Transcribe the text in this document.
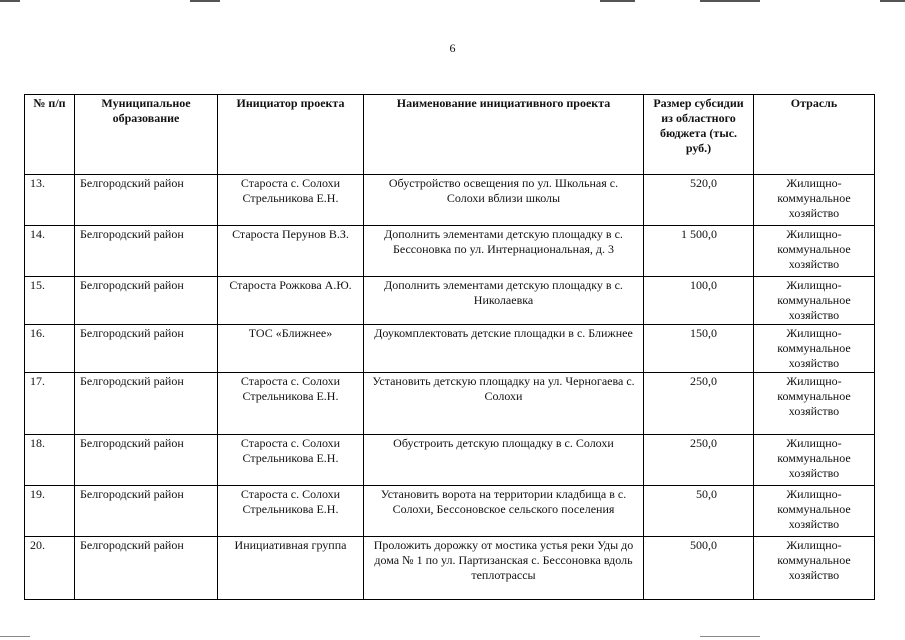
6
№ п/п	Муниципальное образование	Инициатор проекта	Наименование инициативного проекта	Размер субсидии из областного бюджета (тыс. руб.)	Отрасль
13.	Белгородский район	Староста с. Солохи Стрельникова Е.Н.	Обустройство освещения по ул. Школьная с. Солохи вблизи школы	520,0	Жилищно-коммунальное хозяйство
14.	Белгородский район	Староста Перунов В.З.	Дополнить элементами детскую площадку в с. Бессоновка по ул. Интернациональная, д. 3	1 500,0	Жилищно-коммунальное хозяйство
15.	Белгородский район	Староста Рожкова А.Ю.	Дополнить элементами детскую площадку в с. Николаевка	100,0	Жилищно-коммунальное хозяйство
16.	Белгородский район	ТОС «Ближнее»	Доукомплектовать детские площадки в с. Ближнее	150,0	Жилищно-коммунальное хозяйство
17.	Белгородский район	Староста с. Солохи Стрельникова Е.Н.	Установить детскую площадку на ул. Черногаева с. Солохи	250,0	Жилищно-коммунальное хозяйство
18.	Белгородский район	Староста с. Солохи Стрельникова Е.Н.	Обустроить детскую площадку в с. Солохи	250,0	Жилищно-коммунальное хозяйство
19.	Белгородский район	Староста с. Солохи Стрельникова Е.Н.	Установить ворота на территории кладбища в с. Солохи, Бессоновское сельского поселения	50,0	Жилищно-коммунальное хозяйство
20.	Белгородский район	Инициативная группа	Проложить дорожку от мостика устья реки Уды до дома № 1 по ул. Партизанская с. Бессоновка вдоль теплотрассы	500,0	Жилищно-коммунальное хозяйство
